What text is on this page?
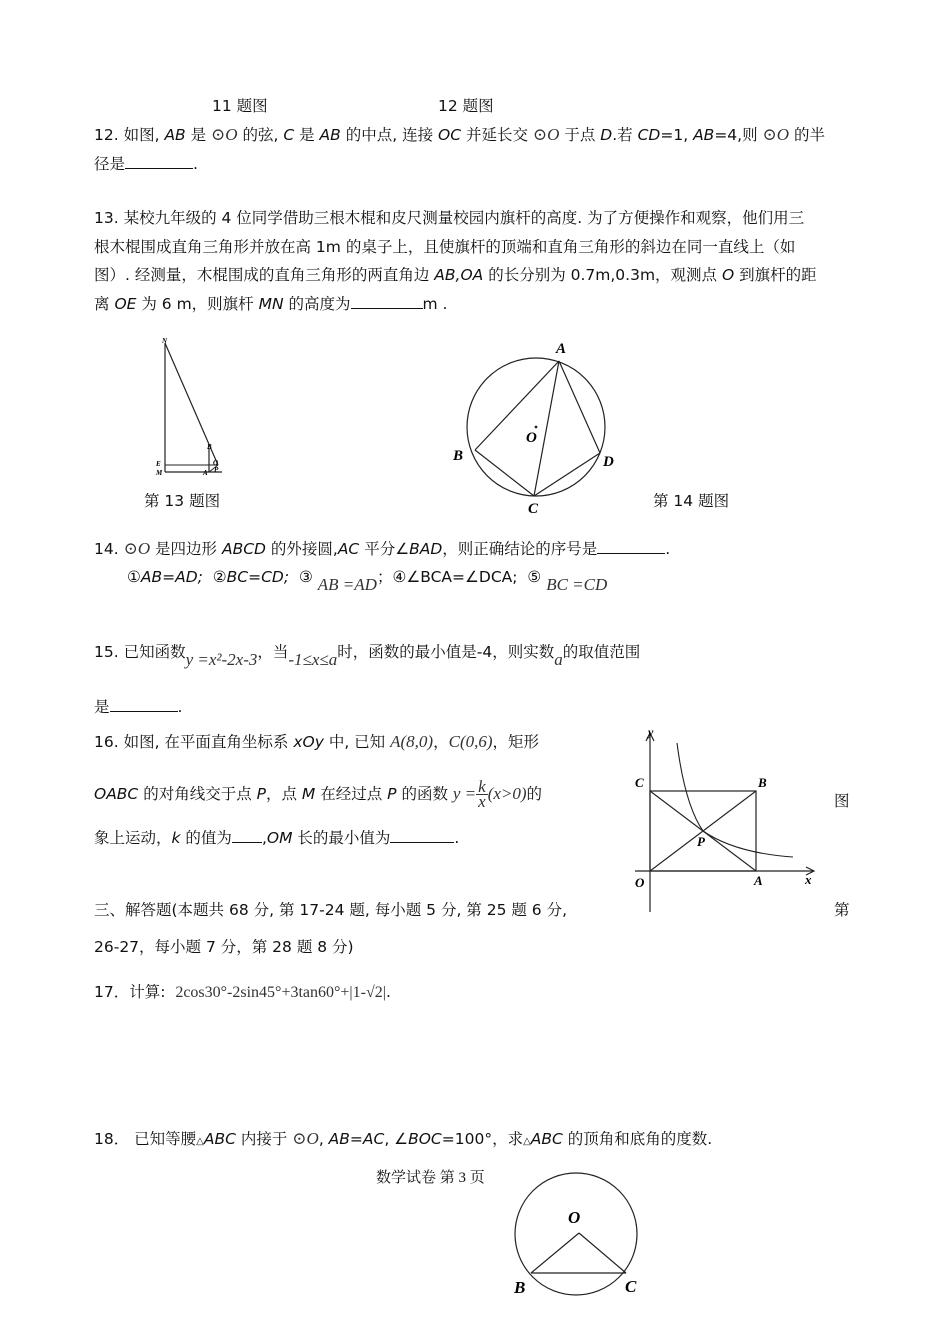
11 题图	12 题图
12. 如图, AB 是 ⊙O 的弦, C 是 AB 的中点, 连接 OC 并延长交 ⊙O 于点 D.若 CD=1, AB=4,则 ⊙O 的半
径是	.
13. 某校九年级的 4 位同学借助三根木棍和皮尺测量校园内旗杆的高度. 为了方便操作和观察，他们用三
根木棍围成直角三角形并放在高 1m 的桌子上，且使旗杆的顶端和直角三角形的斜边在同一直线上（如
图）. 经测量，木棍围成的直角三角形的两直角边 AB,OA 的长分别为 0.7m,0.3m，观测点 O 到旗杆的距
离 OE 为 6 m，则旗杆 MN 的高度为	m .
N
B
E
M
O
P
A
第 13 题图
A
B
C
D
O
第 14 题图
14. ⊙O 是四边形 ABCD 的外接圆,AC 平分∠BAD，则正确结论的序号是	.
①AB=AD; ②BC=CD; ③ AB =AD；④∠BCA=∠DCA; ⑤ BC =CD
15. 已知函数y =x²-2x-3，当-1≤x≤a时，函数的最小值是-4，则实数a的取值范围
是	.
16. 如图, 在平面直角坐标系 xOy 中, 已知 A(8,0)，C(0,6)，矩形
OABC 的对角线交于点 P，点 M 在经过点 P 的函数 $y = \frac{k}{x} (x>0)$的	图
象上运动，k 的值为 ,OM 长的最小值为	.
y
C	B
P
O	A	x
三、解答题(本题共 68 分, 第 17-24 题, 每小题 5 分, 第 25 题 6 分,	第
26-27，每小题 7 分，第 28 题 8 分)
17．计算: 2cos30°-2sin45°+3tan60°+|1-√2|.
18． 已知等腰△ABC 内接于 ⊙O, AB=AC, ∠BOC=100°，求△ABC 的顶角和底角的度数.
数学试卷 第 3 页
O
B	C
